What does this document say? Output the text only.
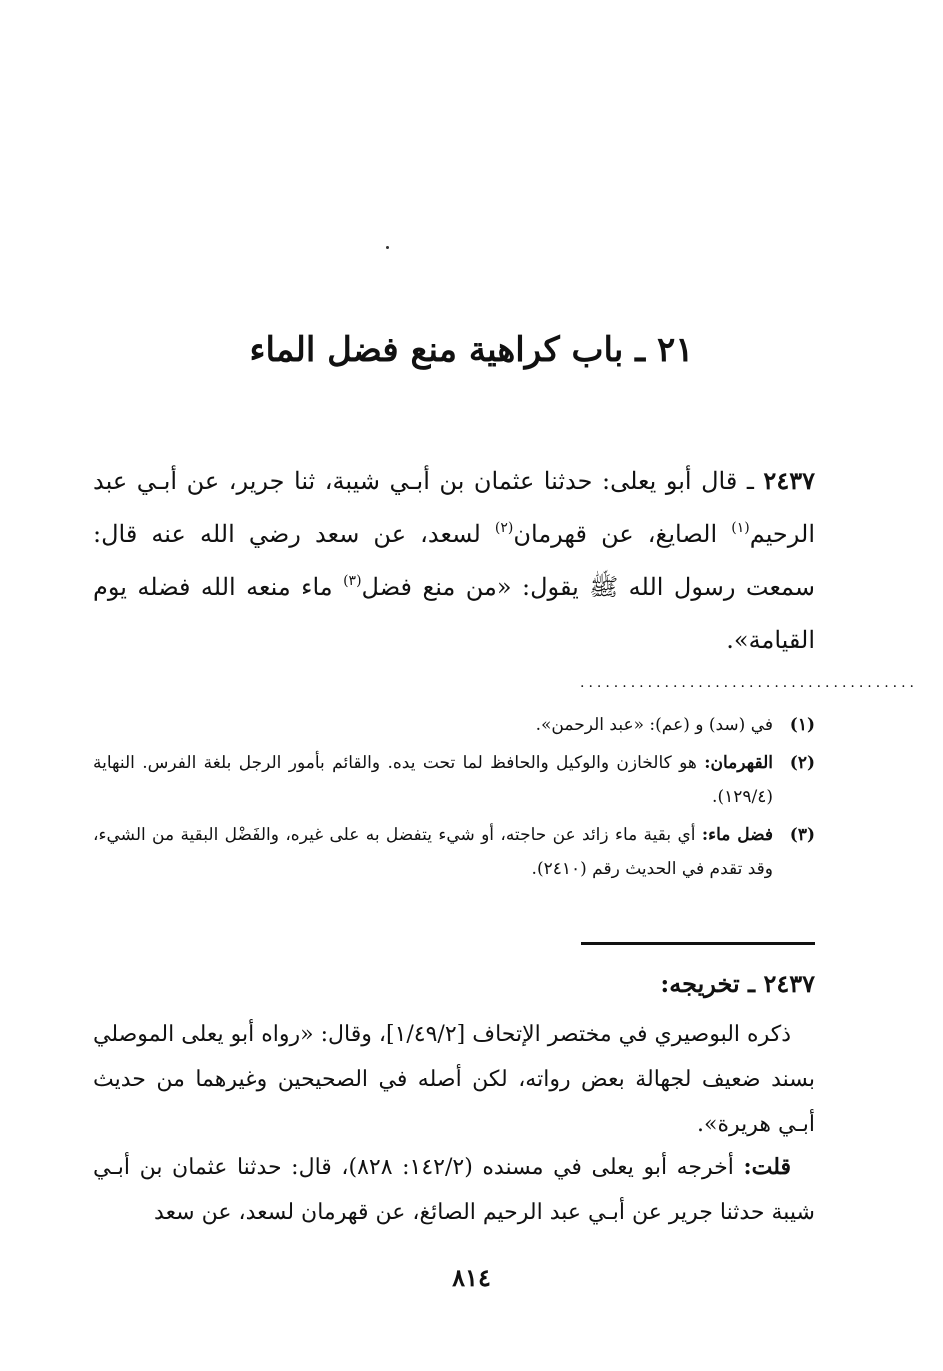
٢١ ـ باب كراهية منع فضل الماء

٢٤٣٧ ـ قال أبو يعلى: حدثنا عثمان بن أبـي شيبة، ثنا جرير، عن أبـي عبد الرحيم$^{(١)}$ الصايغ، عن قهرمان$^{(٢)}$ لسعد، عن سعد رضي الله عنه قال: سمعت رسول الله ﷺ يقول: «من منع فضل$^{(٣)}$ ماء منعه الله فضله يوم القيامة».

........................................
(١)
في (سد) و (عم): «عبد الرحمن».
(٢)
القهرمان: هو كالخازن والوكيل والحافظ لما تحت يده. والقائم بأمور الرجل بلغة الفرس. النهاية (١٢٩/٤).
(٣)
فضل ماء: أي بقية ماء زائد عن حاجته، أو شيء يتفضل به على غيره، والفَضْل البقية من الشيء، وقد تقدم في الحديث رقم (٢٤١٠).
٢٤٣٧ ـ تخريجه:

ذكره البوصيري في مختصر الإتحاف [١/٤٩/٢]، وقال: «رواه أبو يعلى الموصلي بسند ضعيف لجهالة بعض رواته، لكن أصله في الصحيحين وغيرهما من حديث أبـي هريرة».

قلت: أخرجه أبو يعلى في مسنده (١٤٢/٢: ٨٢٨)، قال: حدثنا عثمان بن أبـي شيبة حدثنا جرير عن أبـي عبد الرحيم الصائغ، عن قهرمان لسعد، عن سعد

٨١٤
